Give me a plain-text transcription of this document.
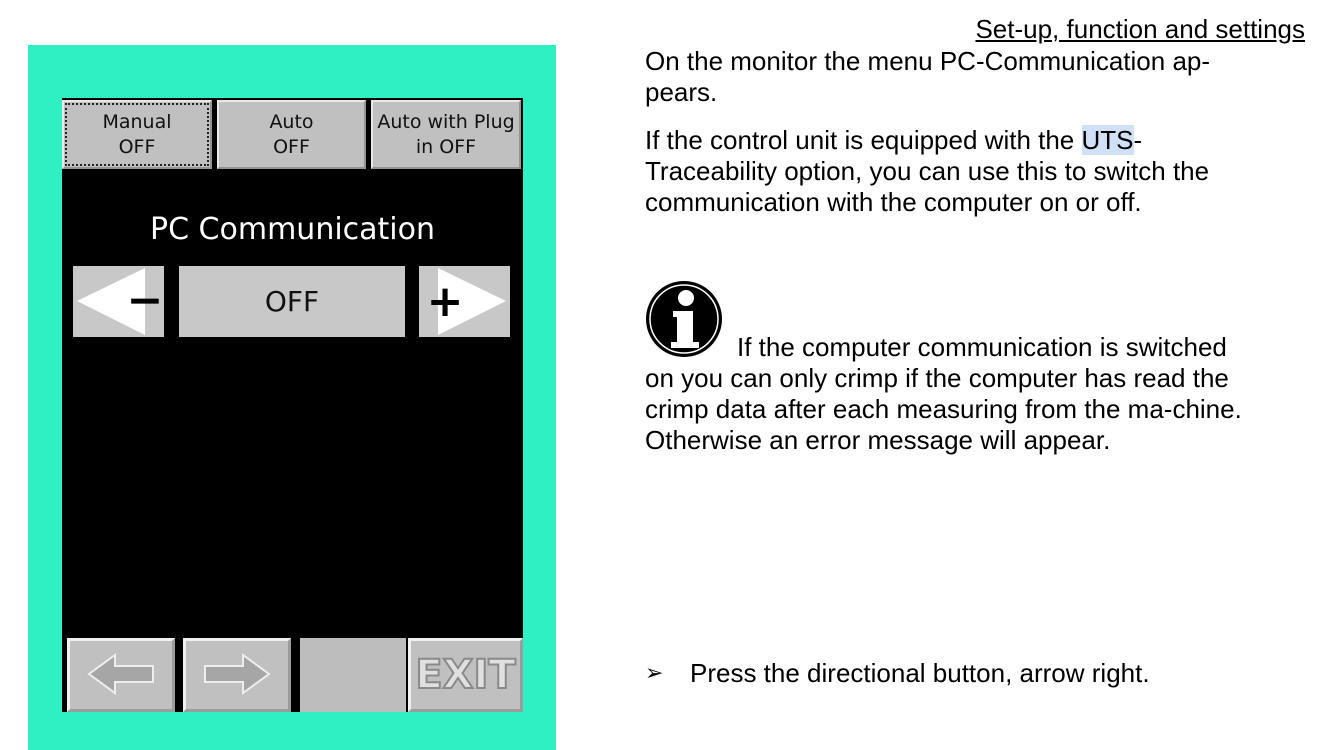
Set-up, function and settings
Manual
OFF
Auto
OFF
Auto with Plug
in OFF
PC Communication
−	OFF	+
EXIT

On the monitor the menu PC-Communication ap-pears.

If the control unit is equipped with the UTS-Traceability option, you can use this to switch the communication with the computer on or off.

If the computer communication is switched

on you can only crimp if the computer has read the crimp data after each measuring from the ma-chine. Otherwise an error message will appear.

➢ Press the directional button, arrow right.
